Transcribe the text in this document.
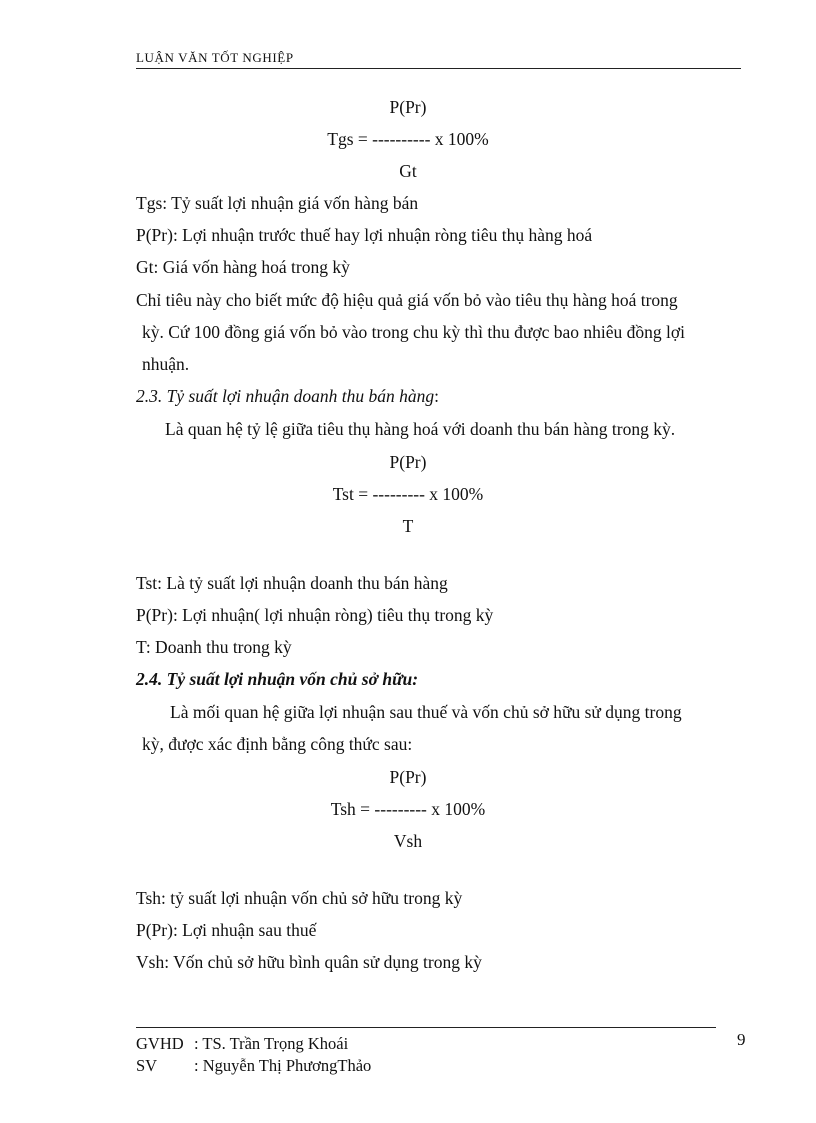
LUẬN VĂN TỐT NGHIỆP
P(Pr)
Tgs = ---------- x 100%
Gt
Tgs: Tỷ suất lợi nhuận giá vốn hàng bán
P(Pr): Lợi nhuận trước thuế hay lợi nhuận ròng tiêu thụ hàng hoá
Gt: Giá vốn hàng hoá trong kỳ
Chỉ tiêu này cho biết mức độ hiệu quả giá vốn bỏ vào tiêu thụ hàng hoá trong
kỳ. Cứ 100 đồng giá vốn bỏ vào trong chu kỳ thì thu được bao nhiêu đồng lợi
nhuận.
2.3. Tỷ suất lợi nhuận doanh thu bán hàng:
Là quan hệ tỷ lệ giữa tiêu thụ hàng hoá với doanh thu bán hàng trong kỳ.
P(Pr)
Tst = --------- x 100%
T
Tst: Là tỷ suất lợi nhuận doanh thu bán hàng
P(Pr): Lợi nhuận( lợi nhuận ròng) tiêu thụ trong kỳ
T: Doanh thu trong kỳ
2.4. Tỷ suất lợi nhuận vốn chủ sở hữu:
Là mối quan hệ giữa lợi nhuận sau thuế và vốn chủ sở hữu sử dụng trong
kỳ, được xác định bằng công thức sau:
P(Pr)
Tsh = --------- x 100%
Vsh
Tsh: tỷ suất lợi nhuận vốn chủ sở hữu trong kỳ
P(Pr): Lợi nhuận sau thuế
Vsh: Vốn chủ sở hữu bình quân sử dụng trong kỳ
GVHD : TS. Trần Trọng Khoái
SV : Nguyễn Thị PhươngThảo
9
